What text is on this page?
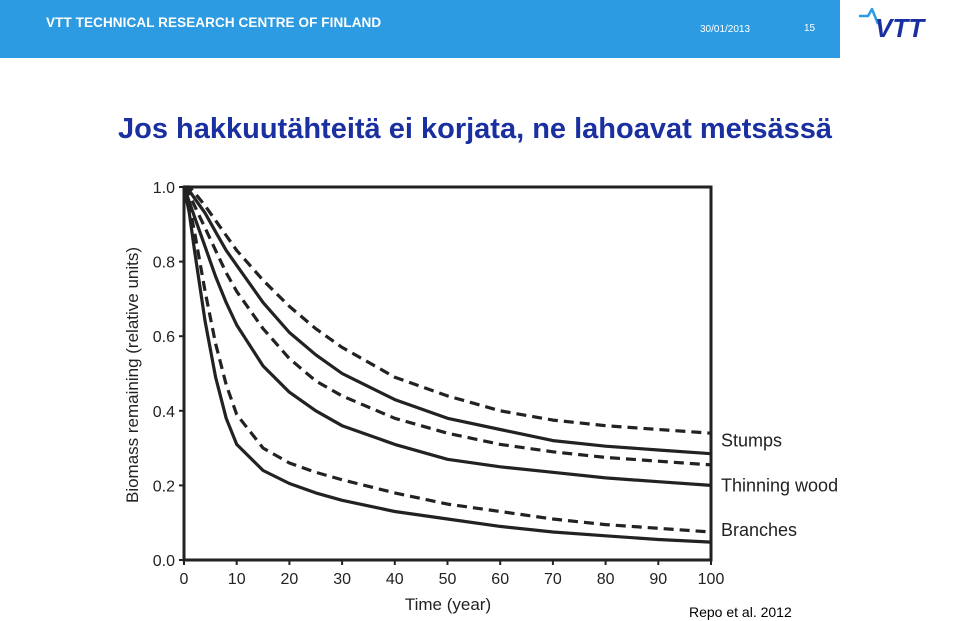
VTT TECHNICAL RESEARCH CENTRE OF FINLAND	30/01/2013	15 VTT
Jos hakkuutähteitä ei korjata, ne lahoavat metsässä
Biomass remaining (relative units)
Time (year)
0.0
0.2
0.4
0.6
0.8
1.0
0 10 20 30 40 50 60 70 80 90 100
Stumps
Thinning wood
Branches
Repo et al. 2012
